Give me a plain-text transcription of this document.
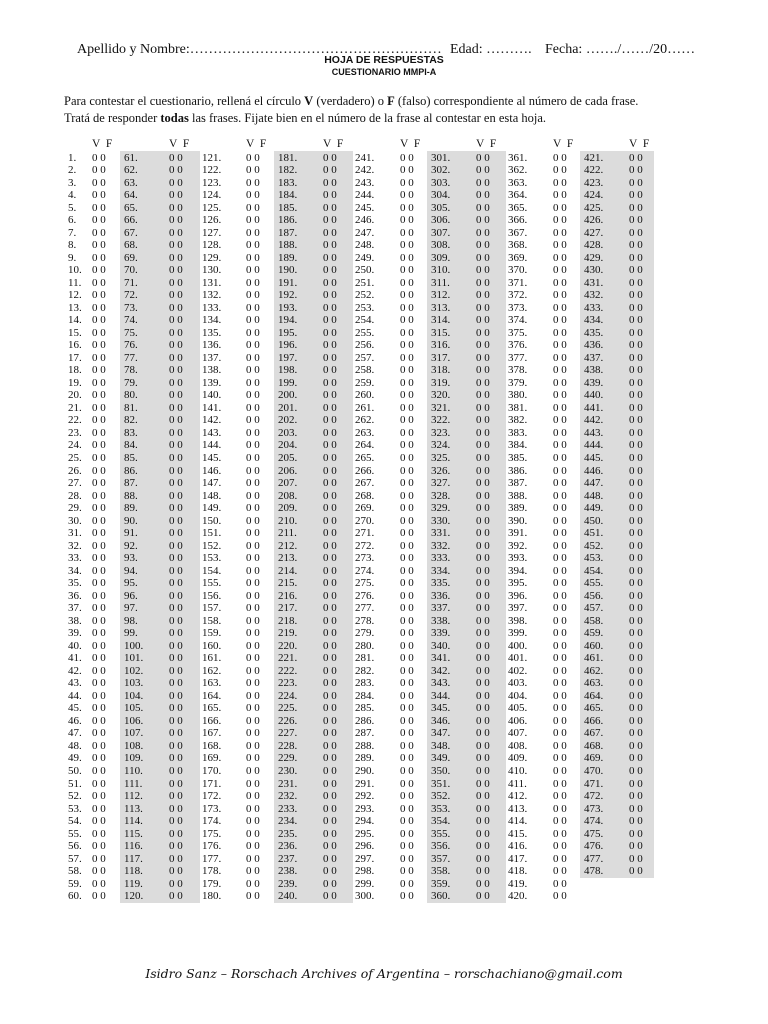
Apellido y Nombre:………………………………………………

Edad: ……….

Fecha: ……./……/20……

HOJA DE RESPUESTAS
CUESTIONARIO MMPI-A
Para contestar el cuestionario, rellená el círculo V (verdadero) o F (falso) correspondiente al número de cada frase.
Tratá de responder todas las frases. Fijate bien en el número de la frase al contestar en esta hoja.
V  F
1. 0 0
2. 0 0
3. 0 0
4. 0 0
5. 0 0
6. 0 0
7. 0 0
8. 0 0
9. 0 0
10. 0 0
11. 0 0
12. 0 0
13. 0 0
14. 0 0
15. 0 0
16. 0 0
17. 0 0
18. 0 0
19. 0 0
20. 0 0
21. 0 0
22. 0 0
23. 0 0
24. 0 0
25. 0 0
26. 0 0
27. 0 0
28. 0 0
29. 0 0
30. 0 0
31. 0 0
32. 0 0
33. 0 0
34. 0 0
35. 0 0
36. 0 0
37. 0 0
38. 0 0
39. 0 0
40. 0 0
41. 0 0
42. 0 0
43. 0 0
44. 0 0
45. 0 0
46. 0 0
47. 0 0
48. 0 0
49. 0 0
50. 0 0
51. 0 0
52. 0 0
53. 0 0
54. 0 0
55. 0 0
56. 0 0
57. 0 0
58. 0 0
59. 0 0
60. 0 0
V  F
61.	0 0
62.	0 0
63.	0 0
64.	0 0
65.	0 0
66.	0 0
67.	0 0
68.	0 0
69.	0 0
70.	0 0
71.	0 0
72.	0 0
73.	0 0
74.	0 0
75.	0 0
76.	0 0
77.	0 0
78.	0 0
79.	0 0
80.	0 0
81.	0 0
82.	0 0
83.	0 0
84.	0 0
85.	0 0
86.	0 0
87.	0 0
88.	0 0
89.	0 0
90.	0 0
91.	0 0
92.	0 0
93.	0 0
94.	0 0
95.	0 0
96.	0 0
97.	0 0
98.	0 0
99.	0 0
100. 0 0
101. 0 0
102. 0 0
103. 0 0
104. 0 0
105. 0 0
106. 0 0
107. 0 0
108. 0 0
109. 0 0
110. 0 0
111. 0 0
112. 0 0
113. 0 0
114. 0 0
115. 0 0
116. 0 0
117. 0 0
118. 0 0
119. 0 0
120. 0 0
V  F
121. 0 0
122. 0 0
123. 0 0
124. 0 0
125. 0 0
126. 0 0
127. 0 0
128. 0 0
129. 0 0
130. 0 0
131. 0 0
132. 0 0
133. 0 0
134. 0 0
135. 0 0
136. 0 0
137. 0 0
138. 0 0
139. 0 0
140. 0 0
141. 0 0
142. 0 0
143. 0 0
144. 0 0
145. 0 0
146. 0 0
147. 0 0
148. 0 0
149. 0 0
150. 0 0
151. 0 0
152. 0 0
153. 0 0
154. 0 0
155. 0 0
156. 0 0
157. 0 0
158. 0 0
159. 0 0
160. 0 0
161. 0 0
162. 0 0
163. 0 0
164. 0 0
165. 0 0
166. 0 0
167. 0 0
168. 0 0
169. 0 0
170. 0 0
171. 0 0
172. 0 0
173. 0 0
174. 0 0
175. 0 0
176. 0 0
177. 0 0
178. 0 0
179. 0 0
180. 0 0
V  F
181. 0 0
182. 0 0
183. 0 0
184. 0 0
185. 0 0
186. 0 0
187. 0 0
188. 0 0
189. 0 0
190. 0 0
191. 0 0
192. 0 0
193. 0 0
194. 0 0
195. 0 0
196. 0 0
197. 0 0
198. 0 0
199. 0 0
200. 0 0
201. 0 0
202. 0 0
203. 0 0
204. 0 0
205. 0 0
206. 0 0
207. 0 0
208. 0 0
209. 0 0
210. 0 0
211. 0 0
212. 0 0
213. 0 0
214. 0 0
215. 0 0
216. 0 0
217. 0 0
218. 0 0
219. 0 0
220. 0 0
221. 0 0
222. 0 0
223. 0 0
224. 0 0
225. 0 0
226. 0 0
227. 0 0
228. 0 0
229. 0 0
230. 0 0
231. 0 0
232. 0 0
233. 0 0
234. 0 0
235. 0 0
236. 0 0
237. 0 0
238. 0 0
239. 0 0
240. 0 0
V  F
241. 0 0
242. 0 0
243. 0 0
244. 0 0
245. 0 0
246. 0 0
247. 0 0
248. 0 0
249. 0 0
250. 0 0
251. 0 0
252. 0 0
253. 0 0
254. 0 0
255. 0 0
256. 0 0
257. 0 0
258. 0 0
259. 0 0
260. 0 0
261. 0 0
262. 0 0
263. 0 0
264. 0 0
265. 0 0
266. 0 0
267. 0 0
268. 0 0
269. 0 0
270. 0 0
271. 0 0
272. 0 0
273. 0 0
274. 0 0
275. 0 0
276. 0 0
277. 0 0
278. 0 0
279. 0 0
280. 0 0
281. 0 0
282. 0 0
283. 0 0
284. 0 0
285. 0 0
286. 0 0
287. 0 0
288. 0 0
289. 0 0
290. 0 0
291. 0 0
292. 0 0
293. 0 0
294. 0 0
295. 0 0
296. 0 0
297. 0 0
298. 0 0
299. 0 0
300. 0 0
V  F
301. 0 0
302. 0 0
303. 0 0
304. 0 0
305. 0 0
306. 0 0
307. 0 0
308. 0 0
309. 0 0
310. 0 0
311. 0 0
312. 0 0
313. 0 0
314. 0 0
315. 0 0
316. 0 0
317. 0 0
318. 0 0
319. 0 0
320. 0 0
321. 0 0
322. 0 0
323. 0 0
324. 0 0
325. 0 0
326. 0 0
327. 0 0
328. 0 0
329. 0 0
330. 0 0
331. 0 0
332. 0 0
333. 0 0
334. 0 0
335. 0 0
336. 0 0
337. 0 0
338. 0 0
339. 0 0
340. 0 0
341. 0 0
342. 0 0
343. 0 0
344. 0 0
345. 0 0
346. 0 0
347. 0 0
348. 0 0
349. 0 0
350. 0 0
351. 0 0
352. 0 0
353. 0 0
354. 0 0
355. 0 0
356. 0 0
357. 0 0
358. 0 0
359. 0 0
360. 0 0
V  F
361. 0 0
362. 0 0
363. 0 0
364. 0 0
365. 0 0
366. 0 0
367. 0 0
368. 0 0
369. 0 0
370. 0 0
371. 0 0
372. 0 0
373. 0 0
374. 0 0
375. 0 0
376. 0 0
377. 0 0
378. 0 0
379. 0 0
380. 0 0
381. 0 0
382. 0 0
383. 0 0
384. 0 0
385. 0 0
386. 0 0
387. 0 0
388. 0 0
389. 0 0
390. 0 0
391. 0 0
392. 0 0
393. 0 0
394. 0 0
395. 0 0
396. 0 0
397. 0 0
398. 0 0
399. 0 0
400. 0 0
401. 0 0
402. 0 0
403. 0 0
404. 0 0
405. 0 0
406. 0 0
407. 0 0
408. 0 0
409. 0 0
410. 0 0
411. 0 0
412. 0 0
413. 0 0
414. 0 0
415. 0 0
416. 0 0
417. 0 0
418. 0 0
419. 0 0
420. 0 0
V  F
421. 0 0
422. 0 0
423. 0 0
424. 0 0
425. 0 0
426. 0 0
427. 0 0
428. 0 0
429. 0 0
430. 0 0
431. 0 0
432. 0 0
433. 0 0
434. 0 0
435. 0 0
436. 0 0
437. 0 0
438. 0 0
439. 0 0
440. 0 0
441. 0 0
442. 0 0
443. 0 0
444. 0 0
445. 0 0
446. 0 0
447. 0 0
448. 0 0
449. 0 0
450. 0 0
451. 0 0
452. 0 0
453. 0 0
454. 0 0
455. 0 0
456. 0 0
457. 0 0
458. 0 0
459. 0 0
460. 0 0
461. 0 0
462. 0 0
463. 0 0
464. 0 0
465. 0 0
466. 0 0
467. 0 0
468. 0 0
469. 0 0
470. 0 0
471. 0 0
472. 0 0
473. 0 0
474. 0 0
475. 0 0
476. 0 0
477. 0 0
478. 0 0
Isidro Sanz – Rorschach Archives of Argentina – rorschachiano@gmail.com
